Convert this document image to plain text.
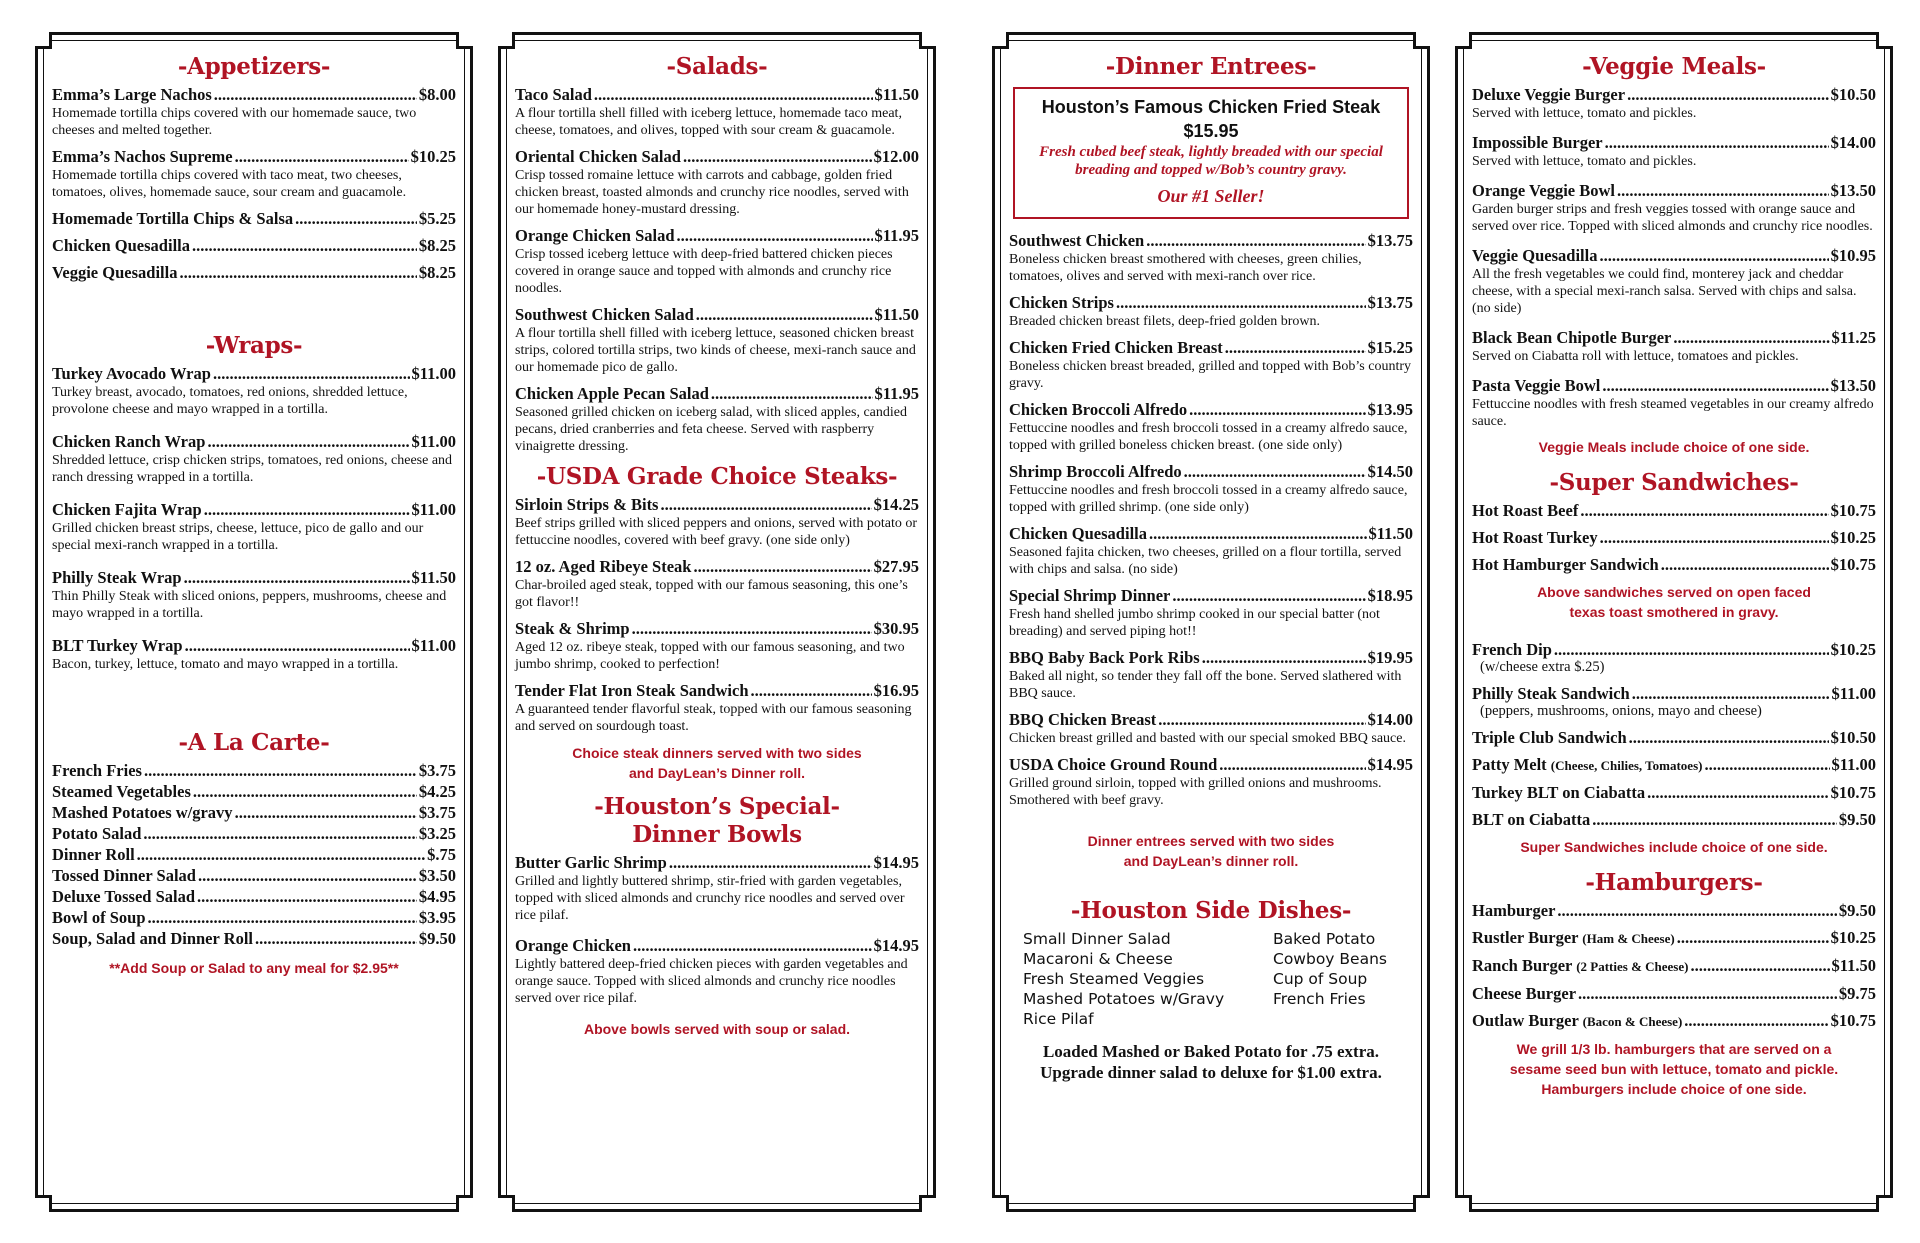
-Appetizers-
Emma’s Large Nachos .....	$8.00
Homemade tortilla chips covered with our homemade sauce, two cheeses and melted together.
Emma’s Nachos Supreme .....	$10.25
Homemade tortilla chips covered with taco meat, two cheeses, tomatoes, olives, homemade sauce, sour cream and guacamole.
Homemade Tortilla Chips & Salsa .....	$5.25
Chicken Quesadilla .....	$8.25
Veggie Quesadilla .....	$8.25
-Wraps-
Turkey Avocado Wrap .....	$11.00
Turkey breast, avocado, tomatoes, red onions, shredded lettuce, provolone cheese and mayo wrapped in a tortilla.
Chicken Ranch Wrap .....	$11.00
Shredded lettuce, crisp chicken strips, tomatoes, red onions, cheese and ranch dressing wrapped in a tortilla.
Chicken Fajita Wrap .....	$11.00
Grilled chicken breast strips, cheese, lettuce, pico de gallo and our special mexi-ranch wrapped in a tortilla.
Philly Steak Wrap .....	$11.50
Thin Philly Steak with sliced onions, peppers, mushrooms, cheese and mayo wrapped in a tortilla.
BLT Turkey Wrap .....	$11.00
Bacon, turkey, lettuce, tomato and mayo wrapped in a tortilla.
-A La Carte-
French Fries .....	$3.75
Steamed Vegetables .....	$4.25
Mashed Potatoes w/gravy .....	$3.75
Potato Salad .....	$3.25
Dinner Roll .....	$.75
Tossed Dinner Salad .....	$3.50
Deluxe Tossed Salad .....	$4.95
Bowl of Soup .....	$3.95
Soup, Salad and Dinner Roll .....	$9.50
**Add Soup or Salad to any meal for $2.95**
-Salads-
Taco Salad .....	$11.50
A flour tortilla shell filled with iceberg lettuce, homemade taco meat, cheese, tomatoes, and olives, topped with sour cream & guacamole.
Oriental Chicken Salad .....	$12.00
Crisp tossed romaine lettuce with carrots and cabbage, golden fried chicken breast, toasted almonds and crunchy rice noodles, served with our homemade honey-mustard dressing.
Orange Chicken Salad .....	$11.95
Crisp tossed iceberg lettuce with deep-fried battered chicken pieces covered in orange sauce and topped with almonds and crunchy rice noodles.
Southwest Chicken Salad .....	$11.50
A flour tortilla shell filled with iceberg lettuce, seasoned chicken breast strips, colored tortilla strips, two kinds of cheese, mexi-ranch sauce and our homemade pico de gallo.
Chicken Apple Pecan Salad .....	$11.95
Seasoned grilled chicken on iceberg salad, with sliced apples, candied pecans, dried cranberries and feta cheese. Served with raspberry vinaigrette dressing.
-USDA Grade Choice Steaks-
Sirloin Strips & Bits .....	$14.25
Beef strips grilled with sliced peppers and onions, served with potato or fettuccine noodles, covered with beef gravy. (one side only)
12 oz. Aged Ribeye Steak .....	$27.95
Char-broiled aged steak, topped with our famous seasoning, this one’s got flavor!!
Steak & Shrimp .....	$30.95
Aged 12 oz. ribeye steak, topped with our famous seasoning, and two jumbo shrimp, cooked to perfection!
Tender Flat Iron Steak Sandwich .....	$16.95
A guaranteed tender flavorful steak, topped with our famous seasoning and served on sourdough toast.
Choice steak dinners served with two sides
and DayLean’s Dinner roll.
-Houston’s Special-
Dinner Bowls
Butter Garlic Shrimp .....	$14.95
Grilled and lightly buttered shrimp, stir-fried with garden vegetables, topped with sliced almonds and crunchy rice noodles and served over rice pilaf.
Orange Chicken .....	$14.95
Lightly battered deep-fried chicken pieces with garden vegetables and orange sauce. Topped with sliced almonds and crunchy rice noodles served over rice pilaf.
Above bowls served with soup or salad.
-Dinner Entrees-
Houston’s Famous Chicken Fried Steak
$15.95
Fresh cubed beef steak, lightly breaded with our special breading and topped w/Bob’s country gravy.
Our #1 Seller!
Southwest Chicken .....	$13.75
Boneless chicken breast smothered with cheeses, green chilies, tomatoes, olives and served with mexi-ranch over rice.
Chicken Strips .....	$13.75
Breaded chicken breast filets, deep-fried golden brown.
Chicken Fried Chicken Breast .....	$15.25
Boneless chicken breast breaded, grilled and topped with Bob’s country gravy.
Chicken Broccoli Alfredo .....	$13.95
Fettuccine noodles and fresh broccoli tossed in a creamy alfredo sauce, topped with grilled boneless chicken breast. (one side only)
Shrimp Broccoli Alfredo .....	$14.50
Fettuccine noodles and fresh broccoli tossed in a creamy alfredo sauce, topped with grilled shrimp. (one side only)
Chicken Quesadilla .....	$11.50
Seasoned fajita chicken, two cheeses, grilled on a flour tortilla, served with chips and salsa. (no side)
Special Shrimp Dinner .....	$18.95
Fresh hand shelled jumbo shrimp cooked in our special batter (not breading) and served piping hot!!
BBQ Baby Back Pork Ribs .....	$19.95
Baked all night, so tender they fall off the bone. Served slathered with BBQ sauce.
BBQ Chicken Breast .....	$14.00
Chicken breast grilled and basted with our special smoked BBQ sauce.
USDA Choice Ground Round .....	$14.95
Grilled ground sirloin, topped with grilled onions and mushrooms. Smothered with beef gravy.
Dinner entrees served with two sides
and DayLean’s dinner roll.
-Houston Side Dishes-
Small Dinner Salad
Macaroni & Cheese
Fresh Steamed Veggies
Mashed Potatoes w/Gravy
Rice Pilaf
Baked Potato
Cowboy Beans
Cup of Soup
French Fries
Loaded Mashed or Baked Potato for .75 extra.
Upgrade dinner salad to deluxe for $1.00 extra.
-Veggie Meals-
Deluxe Veggie Burger .....	$10.50
Served with lettuce, tomato and pickles.
Impossible Burger .....	$14.00
Served with lettuce, tomato and pickles.
Orange Veggie Bowl .....	$13.50
Garden burger strips and fresh veggies tossed with orange sauce and served over rice. Topped with sliced almonds and crunchy rice noodles.
Veggie Quesadilla .....	$10.95
All the fresh vegetables we could find, monterey jack and cheddar cheese, with a special mexi-ranch salsa. Served with chips and salsa. (no side)
Black Bean Chipotle Burger .....	$11.25
Served on Ciabatta roll with lettuce, tomatoes and pickles.
Pasta Veggie Bowl .....	$13.50
Fettuccine noodles with fresh steamed vegetables in our creamy alfredo sauce.
Veggie Meals include choice of one side.
-Super Sandwiches-
Hot Roast Beef .....	$10.75
Hot Roast Turkey .....	$10.25
Hot Hamburger Sandwich .....	$10.75
Above sandwiches served on open faced
texas toast smothered in gravy.
French Dip .....	$10.25
(w/cheese extra $.25)
Philly Steak Sandwich .....	$11.00
(peppers, mushrooms, onions, mayo and cheese)
Triple Club Sandwich .....	$10.50
Patty Melt (Cheese, Chilies, Tomatoes) .....	$11.00
Turkey BLT on Ciabatta .....	$10.75
BLT on Ciabatta .....	$9.50
Super Sandwiches include choice of one side.
-Hamburgers-
Hamburger .....	$9.50
Rustler Burger (Ham & Cheese) .....	$10.25
Ranch Burger (2 Patties & Cheese) .....	$11.50
Cheese Burger .....	$9.75
Outlaw Burger (Bacon & Cheese) .....	$10.75
We grill 1/3 lb. hamburgers that are served on a
sesame seed bun with lettuce, tomato and pickle.
Hamburgers include choice of one side.
